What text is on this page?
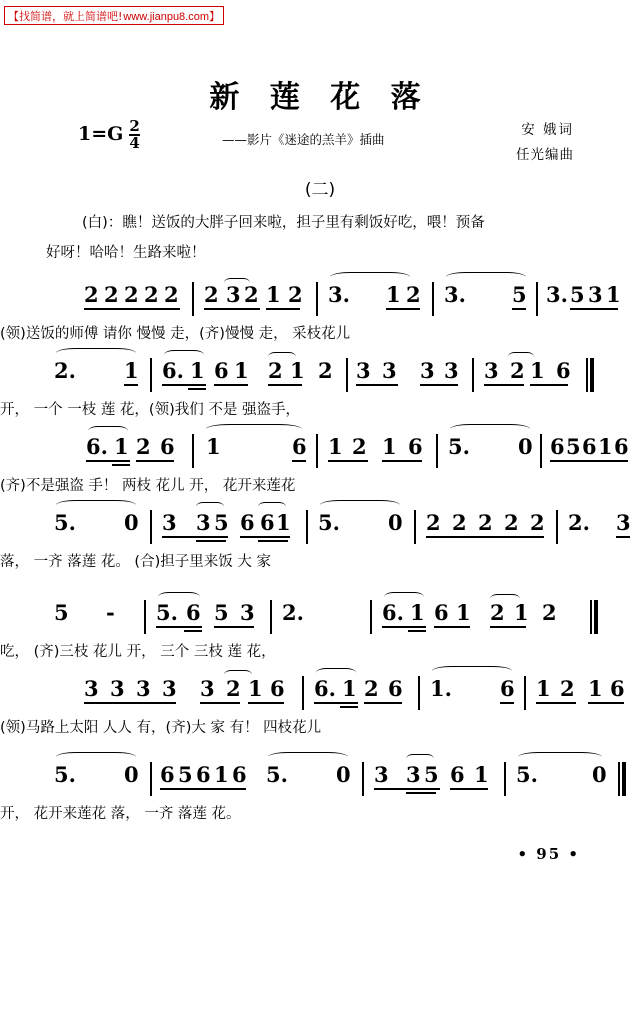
【找简谱，就上简谱吧! www.jianpu8.com】
新 莲 花 落
$1=G \frac{2}{4}$	——影片《迷途的羔羊》插曲
安 娥词
任光编曲
(二)
(白)：瞧！送饭的大胖子回来啦，担子里有剩饭好吃，喂！预备
好呀！哈哈！生路来啦！
2 2 2 2 2 2 3 2 1 2 3. 1 2 3. 5 3. 5 3 1
(领)送饭的师傅 请你 慢慢 走，(齐)慢慢 走， 采枝花儿
2. 1 6. 1 6 1 2 1 2 3 3 3 3 3 2 1 6
开， 一个 一枝 莲 花，(领)我们 不是 强盗手，
6. 1 2 6 1	6 1 2 1 6 5. 0 6 5 6 1 6
(齐)不是强盗 手！ 两枝 花儿 开， 花开来莲花
5. 0 3 3 5 6 6 1 5. 0 2 2 2 2 2 2. 3
落， 一齐 落莲 花。 (合)担子里来饭 大 家
5 - 5. 6 5 3 2.	6. 1 6 1 2 1 2
吃， (齐)三枝 花儿 开， 三个 三枝 莲 花，
3 3 3 3 3 2 1 6 6. 1 2 6 1. 6 1 2 1 6
(领)马路上太阳 人人 有，(齐)大 家 有！ 四枝花儿
5. 0 6 5 6 1 6 5. 0 3 3 5 6 1 5.	0
开， 花开来莲花 落， 一齐 落莲 花。
• 95 •
